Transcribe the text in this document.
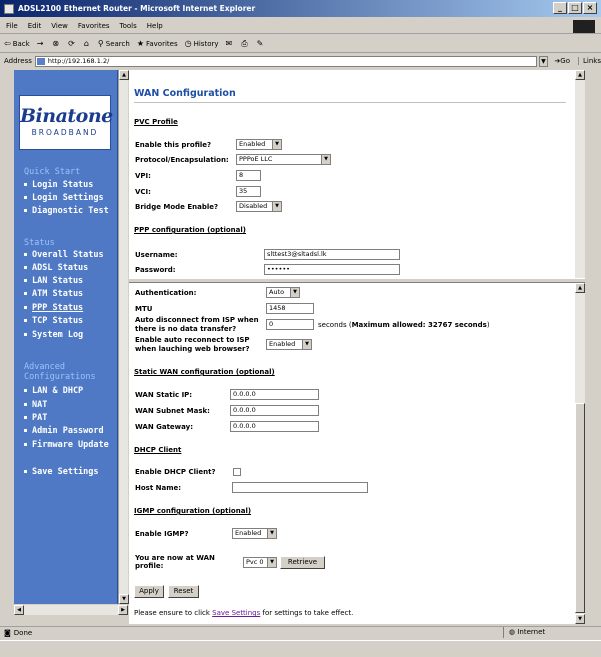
ADSL2100 Ethernet Router - Microsoft Internet Explorer	_	□ ×
File Edit View Favorites Tools Help
⇦ Back → ⊗ ⟳ ⌂ ⚲ Search ★ Favorites ◷ History ✉ ⎙ ✎
Address	http://192.168.1.2/	▼	➔Go	Links
Binatone
BROADBAND
Quick Start
Login Status
Login Settings
Diagnostic Test
Status
Overall Status
ADSL Status
LAN Status
ATM Status
PPP Status
TCP Status
System Log
Advanced Configurations
LAN & DHCP
NAT
PAT
Admin Password
Firmware Update
Save Settings
▲
▼
◀	▶
WAN Configuration
PVC Profile
Enable this profile?	Enabled	▼
Protocol/Encapsulation:	PPPoE LLC	▼
VPI:	8
VCI:	35
Bridge Mode Enable?	Disabled	▼
PPP configuration (optional)
Username:	slttest3@sltadsl.lk
Password:	••••••
▲
Authentication:	Auto	▼
MTU	1458
Auto disconnect from ISP when there is no data transfer?
0	seconds (Maximum allowed: 32767 seconds)
Enable auto reconnect to ISP when lauching web browser?
Enabled	▼
Static WAN configuration (optional)
WAN Static IP:	0.0.0.0
WAN Subnet Mask:	0.0.0.0
WAN Gateway:	0.0.0.0
DHCP Client
Enable DHCP Client?
Host Name:
IGMP configuration (optional)
Enable IGMP?	Enabled	▼
You are now at WAN profile:	Pvc 0	▼	Retrieve
Apply	Reset
Please ensure to click Save Settings for settings to take effect.
▲
▼
◙ Done	◍ Internet
